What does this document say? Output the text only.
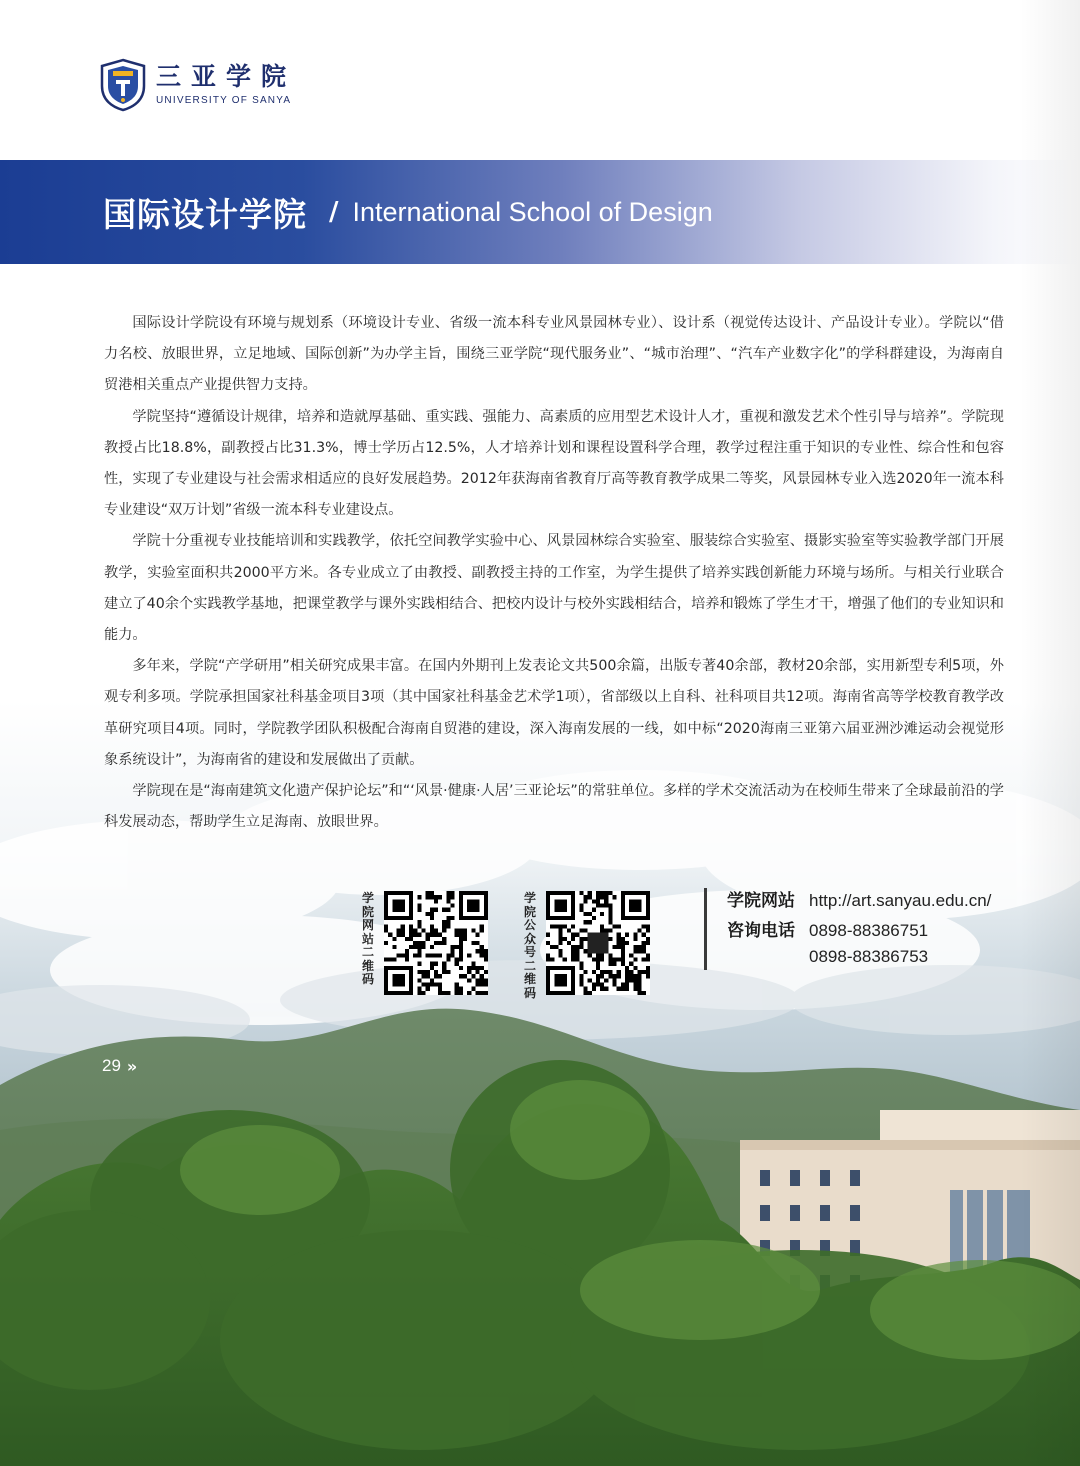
三亚学院
UNIVERSITY OF SANYA
国际设计学院 / International School of Design

国际设计学院设有环境与规划系（环境设计专业、省级一流本科专业风景园林专业）、设计系（视觉传达设计、产品设计专业）。学院以“借力名校、放眼世界，立足地域、国际创新”为办学主旨，围绕三亚学院“现代服务业”、“城市治理”、“汽车产业数字化”的学科群建设，为海南自贸港相关重点产业提供智力支持。

学院坚持“遵循设计规律，培养和造就厚基础、重实践、强能力、高素质的应用型艺术设计人才，重视和激发艺术个性引导与培养”。学院现教授占比18.8%，副教授占比31.3%，博士学历占12.5%，人才培养计划和课程设置科学合理，教学过程注重于知识的专业性、综合性和包容性，实现了专业建设与社会需求相适应的良好发展趋势。2012年获海南省教育厅高等教育教学成果二等奖，风景园林专业入选2020年一流本科专业建设“双万计划”省级一流本科专业建设点。

学院十分重视专业技能培训和实践教学，依托空间教学实验中心、风景园林综合实验室、服装综合实验室、摄影实验室等实验教学部门开展教学，实验室面积共2000平方米。各专业成立了由教授、副教授主持的工作室，为学生提供了培养实践创新能力环境与场所。与相关行业联合建立了40余个实践教学基地，把课堂教学与课外实践相结合、把校内设计与校外实践相结合，培养和锻炼了学生才干，增强了他们的专业知识和能力。

多年来，学院“产学研用”相关研究成果丰富。在国内外期刊上发表论文共500余篇，出版专著40余部，教材20余部，实用新型专利5项，外观专利多项。学院承担国家社科基金项目3项（其中国家社科基金艺术学1项），省部级以上自科、社科项目共12项。海南省高等学校教育教学改革研究项目4项。同时，学院教学团队积极配合海南自贸港的建设，深入海南发展的一线，如中标“2020海南三亚第六届亚洲沙滩运动会视觉形象系统设计”，为海南省的建设和发展做出了贡献。

学院现在是“海南建筑文化遗产保护论坛”和“‘风景·健康·人居’三亚论坛”的常驻单位。多样的学术交流活动为在校师生带来了全球最前沿的学科发展动态，帮助学生立足海南、放眼世界。

学院网站二维码
学院公众号二维码
学院网站 http://art.sanyau.edu.cn/
咨询电话 0898-88386751
0898-88386753
29 »
